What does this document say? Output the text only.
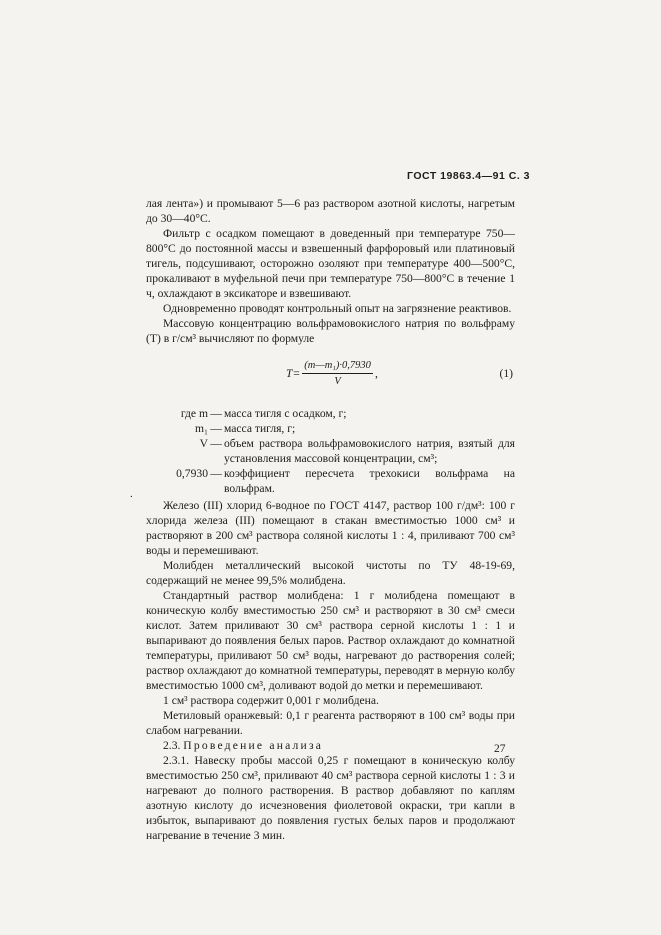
ГОСТ 19863.4—91 С. 3
.

лая лента») и промывают 5—6 раз раствором азотной кислоты, нагретым до 30—40°С.

Фильтр с осадком помещают в доведенный при температуре 750—800°С до постоянной массы и взвешенный фарфоровый или платиновый тигель, подсушивают, осторожно озоляют при температуре 400—500°С, прокаливают в муфельной печи при температуре 750—800°С в течение 1 ч, охлаждают в эксикаторе и взвешивают.

Одновременно проводят контрольный опыт на загрязнение реактивов.

Массовую концентрацию вольфрамовокислого натрия по вольфраму (Т) в г/см³ вычисляют по формуле

$T= \frac{\text{(m—m₁)·0,7930}}{V}$ ,	(1)
где m — масса тигля с осадком, г;
m₁ — масса тигля, г;
V — объем раствора вольфрамовокислого натрия, взятый для установления массовой концентрации, см³;
0,7930 — коэффициент пересчета трехокиси вольфрама на вольфрам.

Железо (III) хлорид 6-водное по ГОСТ 4147, раствор 100 г/дм³: 100 г хлорида железа (III) помещают в стакан вместимостью 1000 см³ и растворяют в 200 см³ раствора соляной кислоты 1 : 4, приливают 700 см³ воды и перемешивают.

Молибден металлический высокой чистоты по ТУ 48-19-69, содержащий не менее 99,5% молибдена.

Стандартный раствор молибдена: 1 г молибдена помещают в коническую колбу вместимостью 250 см³ и растворяют в 30 см³ смеси кислот. Затем приливают 30 см³ раствора серной кислоты 1 : 1 и выпаривают до появления белых паров. Раствор охлаждают до комнатной температуры, приливают 50 см³ воды, нагревают до растворения солей; раствор охлаждают до комнатной температуры, переводят в мерную колбу вместимостью 1000 см³, доливают водой до метки и перемешивают.

1 см³ раствора содержит 0,001 г молибдена.

Метиловый оранжевый: 0,1 г реагента растворяют в 100 см³ воды при слабом нагревании.

2.3. Проведение анализа

2.3.1. Навеску пробы массой 0,25 г помещают в коническую колбу вместимостью 250 см³, приливают 40 см³ раствора серной кислоты 1 : 3 и нагревают до полного растворения. В раствор добавляют по каплям азотную кислоту до исчезновения фиолетовой окраски, три капли в избыток, выпаривают до появления густых белых паров и продолжают нагревание в течение 3 мин.

27
